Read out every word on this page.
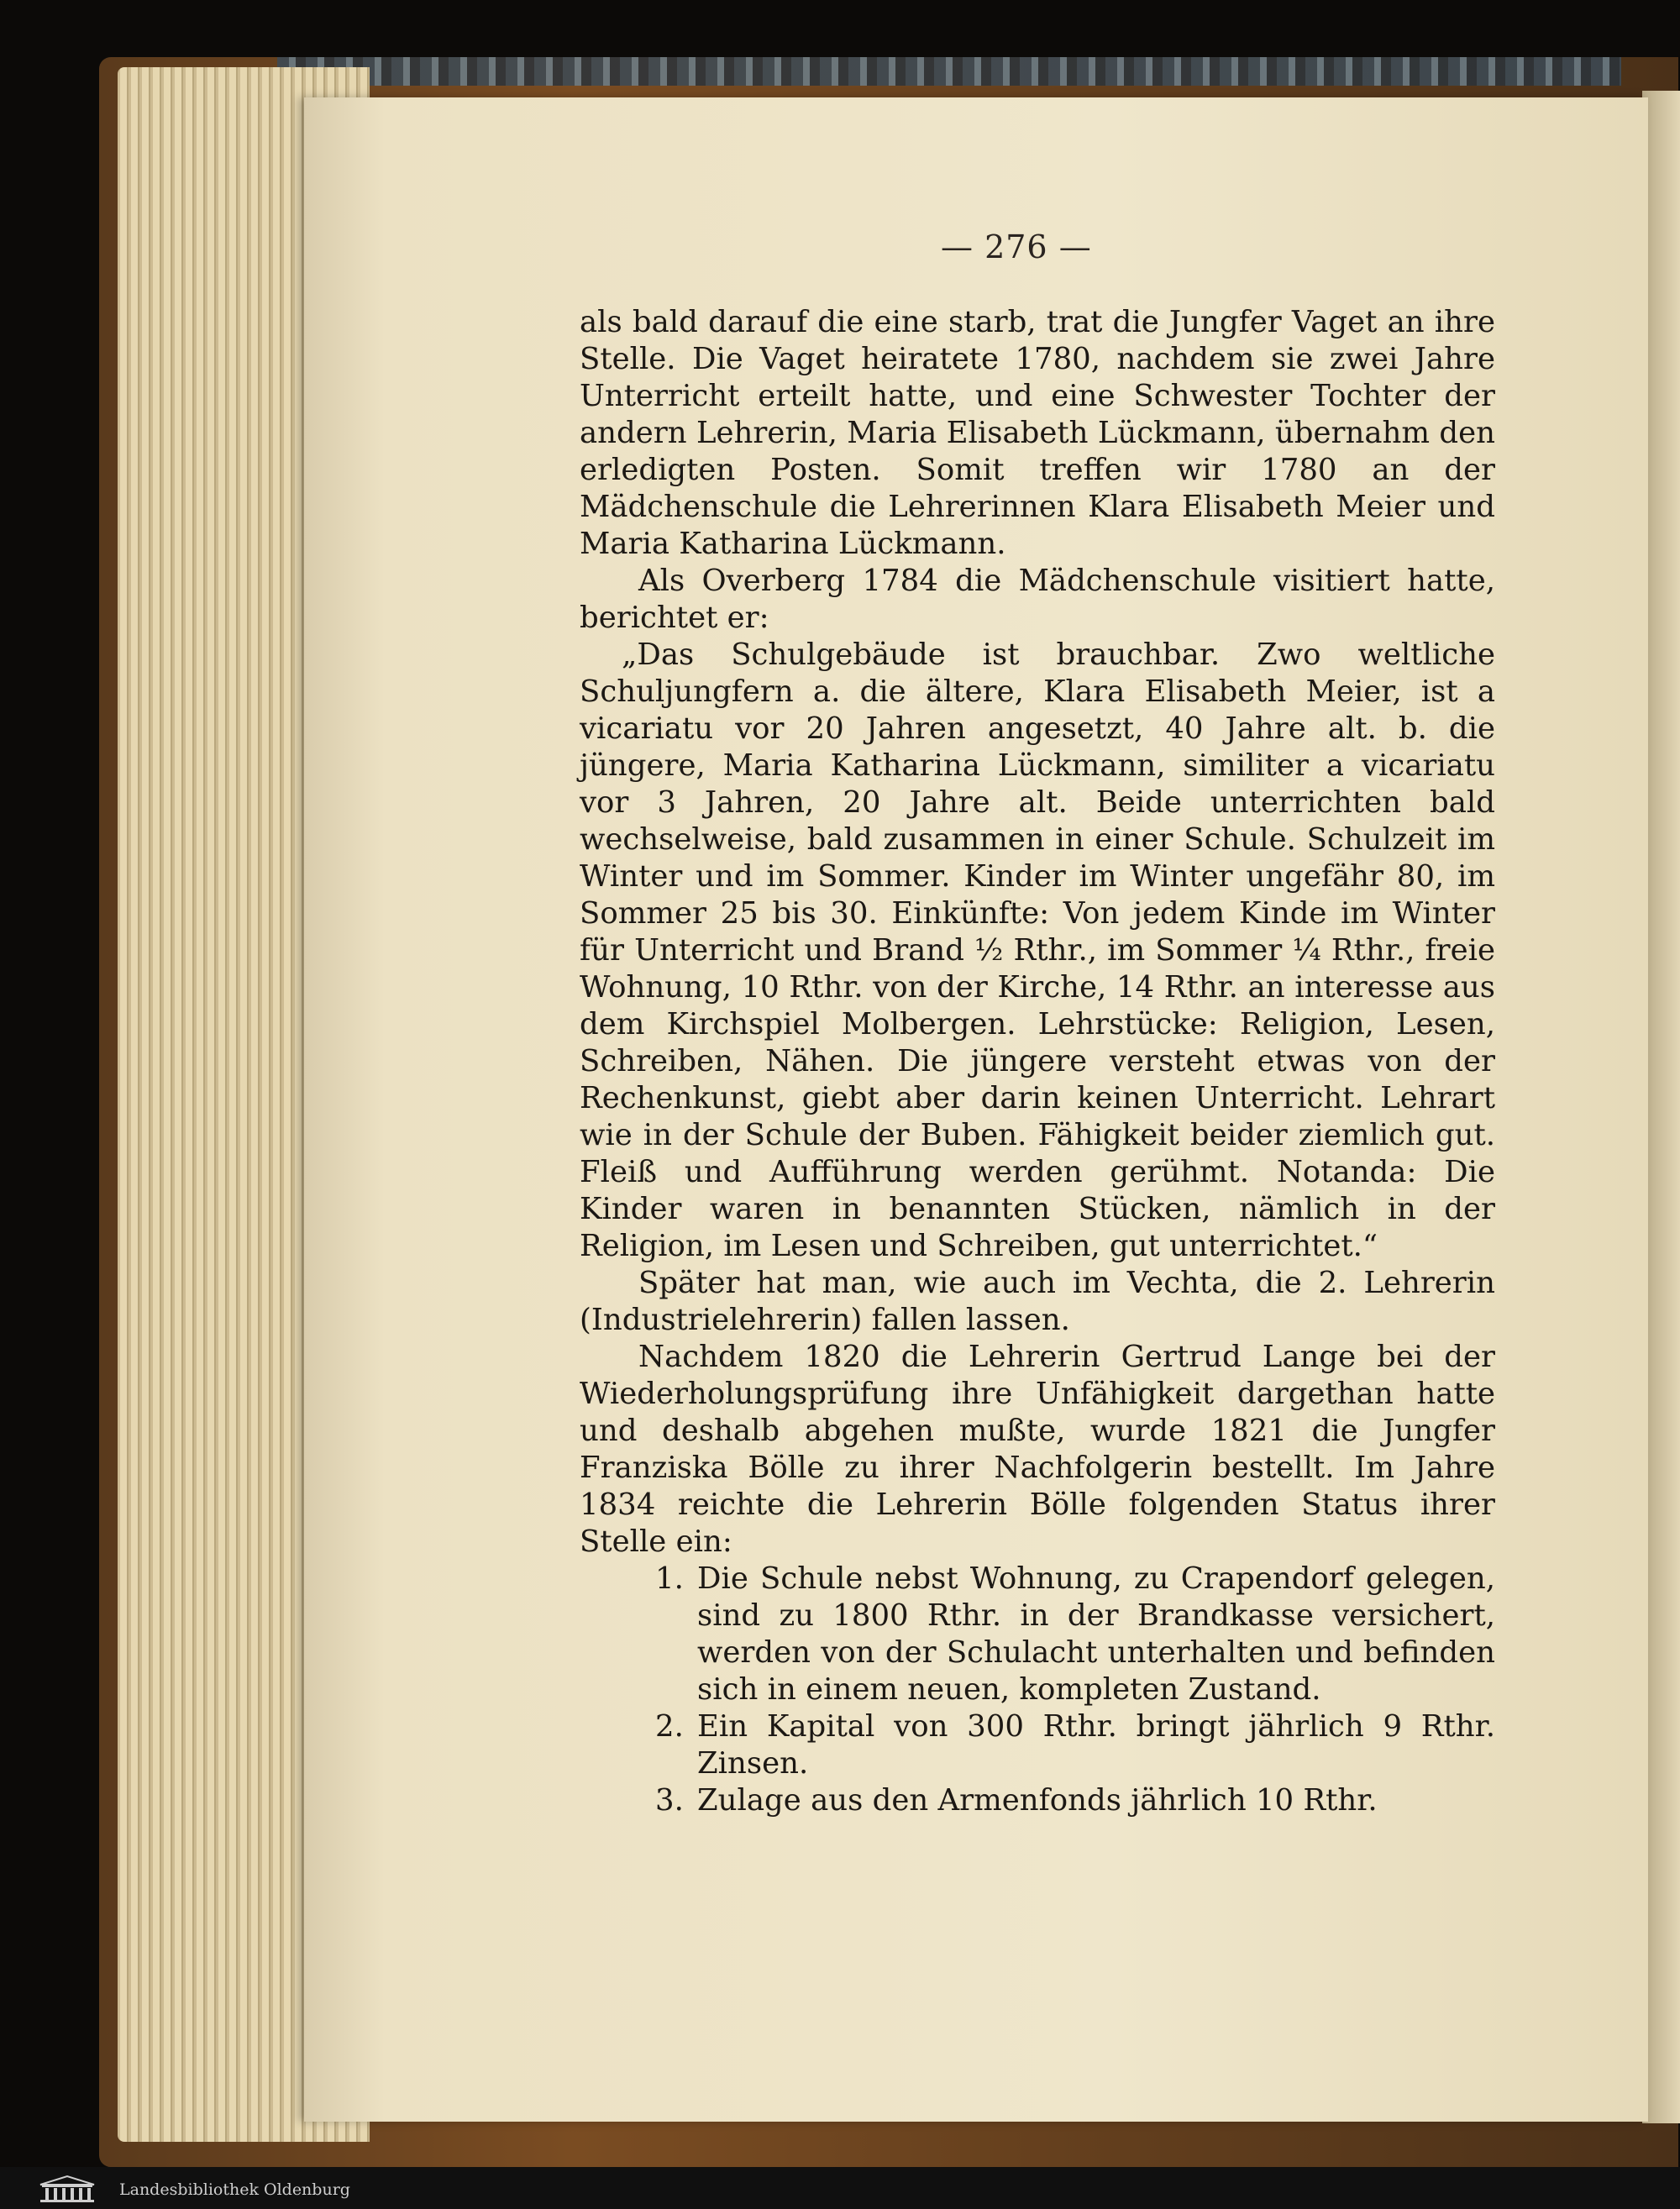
— 276 —

als bald darauf die eine starb, trat die Jungfer Vaget an ihre Stelle. Die Vaget heiratete 1780, nachdem sie zwei Jahre Unterricht erteilt hatte, und eine Schwester Tochter der andern Lehrerin, Maria Elisabeth Lückmann, übernahm den erledigten Posten. Somit treffen wir 1780 an der Mädchenschule die Lehrerinnen Klara Elisabeth Meier und Maria Katharina Lückmann.

Als Overberg 1784 die Mädchenschule visitiert hatte, berichtet er:

„Das Schulgebäude ist brauchbar. Zwo weltliche Schuljungfern a. die ältere, Klara Elisabeth Meier, ist a vicariatu vor 20 Jahren angesetzt, 40 Jahre alt. b. die jüngere, Maria Katharina Lückmann, similiter a vicariatu vor 3 Jahren, 20 Jahre alt. Beide unterrichten bald wechselweise, bald zusammen in einer Schule. Schulzeit im Winter und im Sommer. Kinder im Winter ungefähr 80, im Sommer 25 bis 30. Einkünfte: Von jedem Kinde im Winter für Unterricht und Brand ½ Rthr., im Sommer ¼ Rthr., freie Wohnung, 10 Rthr. von der Kirche, 14 Rthr. an interesse aus dem Kirchspiel Molbergen. Lehrstücke: Religion, Lesen, Schreiben, Nähen. Die jüngere versteht etwas von der Rechenkunst, giebt aber darin keinen Unterricht. Lehrart wie in der Schule der Buben. Fähigkeit beider ziemlich gut. Fleiß und Aufführung werden gerühmt. Notanda: Die Kinder waren in benannten Stücken, nämlich in der Religion, im Lesen und Schreiben, gut unterrichtet.“

Später hat man, wie auch im Vechta, die 2. Lehrerin (Industrielehrerin) fallen lassen.

Nachdem 1820 die Lehrerin Gertrud Lange bei der Wiederholungsprüfung ihre Unfähigkeit dargethan hatte und deshalb abgehen mußte, wurde 1821 die Jungfer Franziska Bölle zu ihrer Nachfolgerin bestellt. Im Jahre 1834 reichte die Lehrerin Bölle folgenden Status ihrer Stelle ein:

1. Die Schule nebst Wohnung, zu Crapendorf gelegen, sind zu 1800 Rthr. in der Brandkasse versichert, werden von der Schulacht unterhalten und befinden sich in einem neuen, kompleten Zustand.
2. Ein Kapital von 300 Rthr. bringt jährlich 9 Rthr. Zinsen.
3. Zulage aus den Armenfonds jährlich 10 Rthr.
Landesbibliothek Oldenburg
